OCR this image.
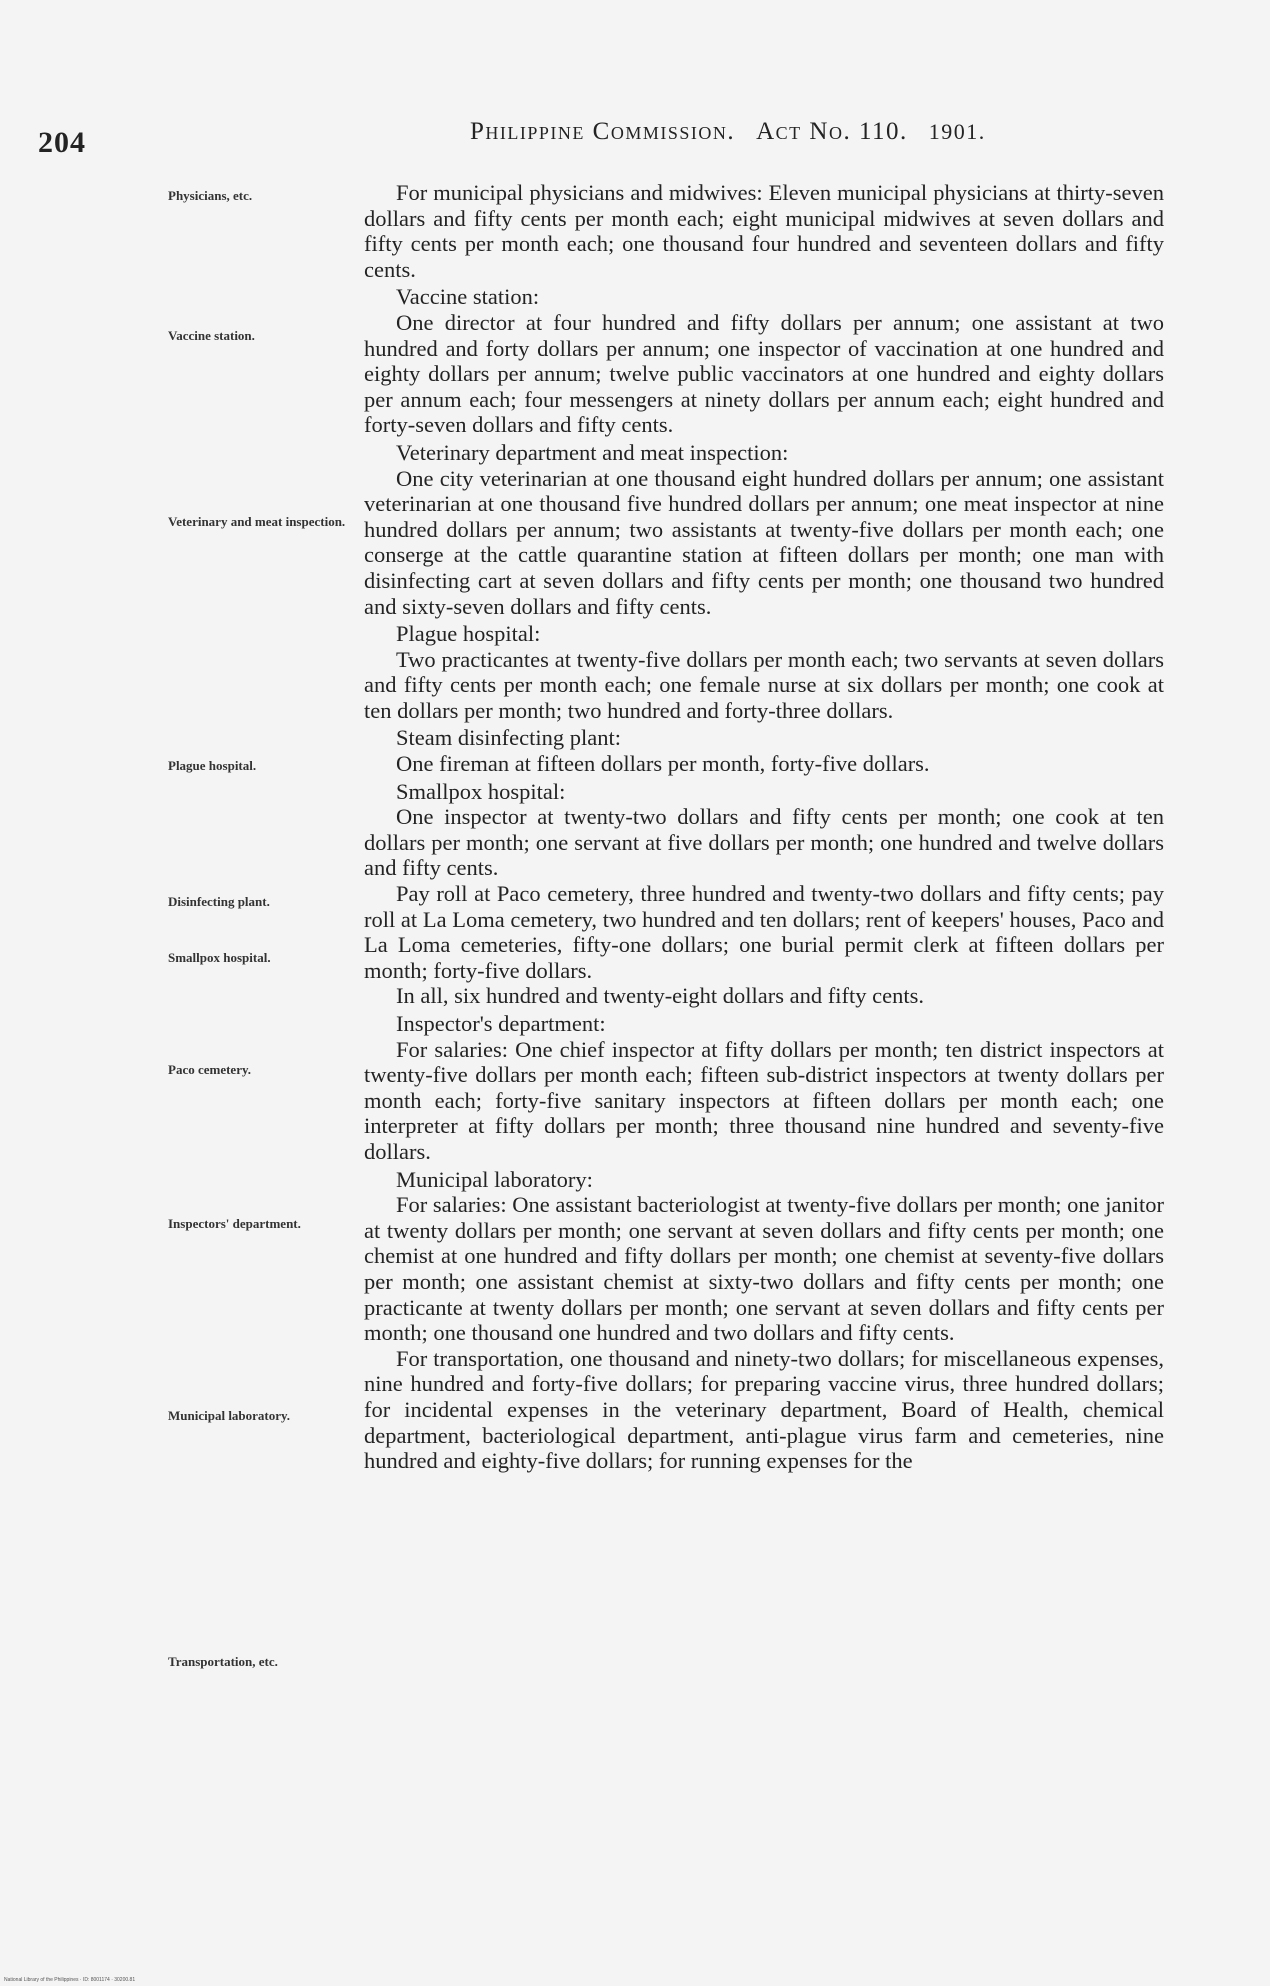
204	Philippine Commission. Act No. 110. 1901.
Physicians, etc.
Vaccine station.
Veterinary and meat inspection.
Plague hospital.
Disinfecting plant.
Smallpox hospital.
Paco cemetery.
Inspectors' department.
Municipal laboratory.
Transportation, etc.

For municipal physicians and midwives: Eleven municipal physicians at thirty-seven dollars and fifty cents per month each; eight municipal midwives at seven dollars and fifty cents per month each; one thousand four hundred and seventeen dollars and fifty cents.

Vaccine station:

One director at four hundred and fifty dollars per annum; one assistant at two hundred and forty dollars per annum; one inspector of vaccination at one hundred and eighty dollars per annum; twelve public vaccinators at one hundred and eighty dollars per annum each; four messengers at ninety dollars per annum each; eight hundred and forty-seven dollars and fifty cents.

Veterinary department and meat inspection:

One city veterinarian at one thousand eight hundred dollars per annum; one assistant veterinarian at one thousand five hundred dollars per annum; one meat inspector at nine hundred dollars per annum; two assistants at twenty-five dollars per month each; one conserge at the cattle quarantine station at fifteen dollars per month; one man with disinfecting cart at seven dollars and fifty cents per month; one thousand two hundred and sixty-seven dollars and fifty cents.

Plague hospital:

Two practicantes at twenty-five dollars per month each; two servants at seven dollars and fifty cents per month each; one female nurse at six dollars per month; one cook at ten dollars per month; two hundred and forty-three dollars.

Steam disinfecting plant:

One fireman at fifteen dollars per month, forty-five dollars.

Smallpox hospital:

One inspector at twenty-two dollars and fifty cents per month; one cook at ten dollars per month; one servant at five dollars per month; one hundred and twelve dollars and fifty cents.

Pay roll at Paco cemetery, three hundred and twenty-two dollars and fifty cents; pay roll at La Loma cemetery, two hundred and ten dollars; rent of keepers' houses, Paco and La Loma cemeteries, fifty-one dollars; one burial permit clerk at fifteen dollars per month; forty-five dollars.

In all, six hundred and twenty-eight dollars and fifty cents.

Inspector's department:

For salaries: One chief inspector at fifty dollars per month; ten district inspectors at twenty-five dollars per month each; fifteen sub-district inspectors at twenty dollars per month each; forty-five sanitary inspectors at fifteen dollars per month each; one interpreter at fifty dollars per month; three thousand nine hundred and seventy-five dollars.

Municipal laboratory:

For salaries: One assistant bacteriologist at twenty-five dollars per month; one janitor at twenty dollars per month; one servant at seven dollars and fifty cents per month; one chemist at one hundred and fifty dollars per month; one chemist at seventy-five dollars per month; one assistant chemist at sixty-two dollars and fifty cents per month; one practicante at twenty dollars per month; one servant at seven dollars and fifty cents per month; one thousand one hundred and two dollars and fifty cents.

For transportation, one thousand and ninety-two dollars; for miscellaneous expenses, nine hundred and forty-five dollars; for preparing vaccine virus, three hundred dollars; for incidental expenses in the veterinary department, Board of Health, chemical department, bacteriological department, anti-plague virus farm and cemeteries, nine hundred and eighty-five dollars; for running expenses for the

National Library of the Philippines · ID: 8001174 · 30200.81
